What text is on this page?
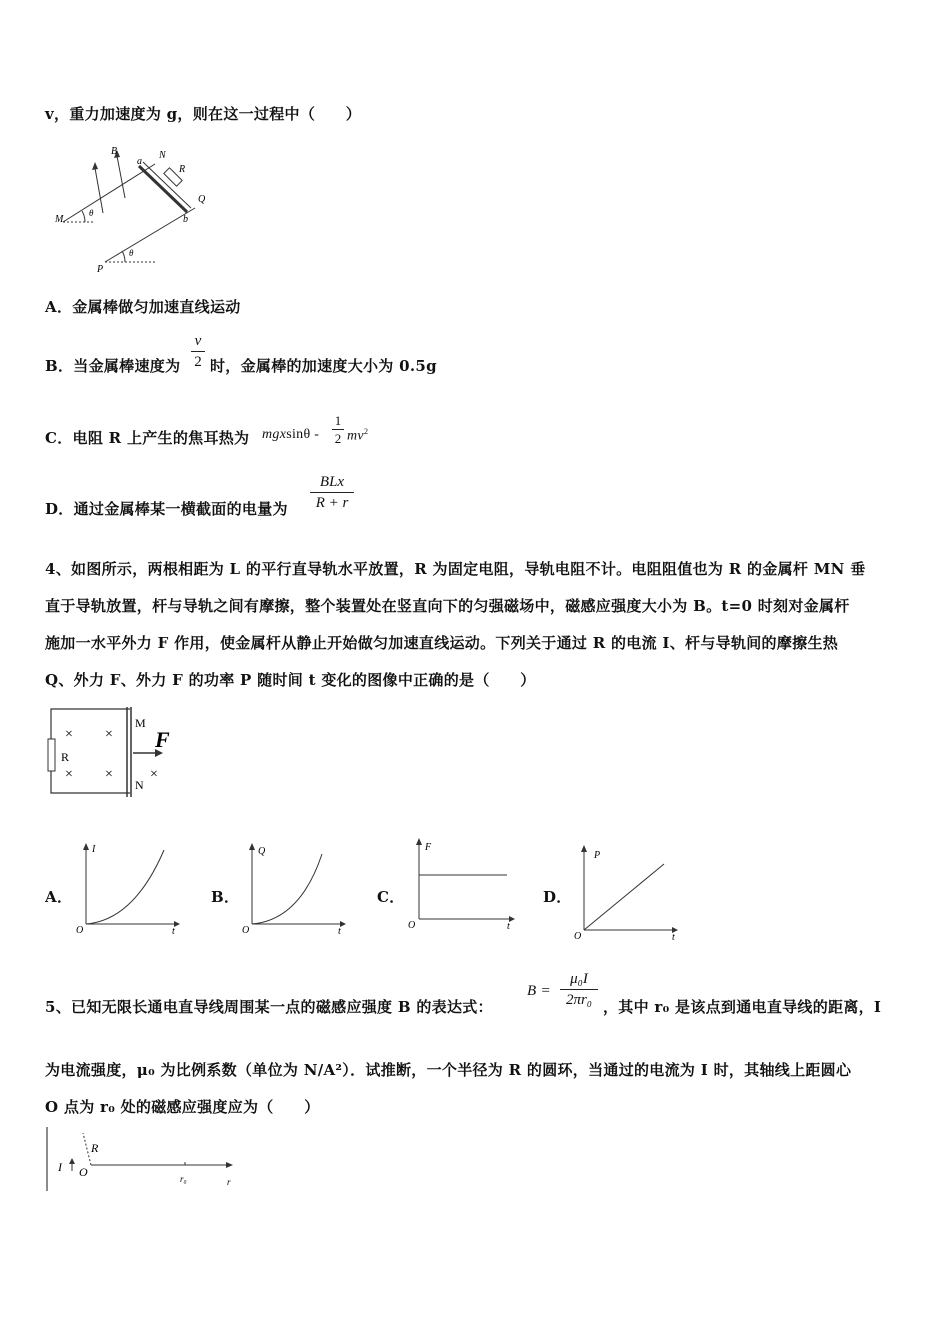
v，重力加速度为 g，则在这一过程中（　　）
B
a
N
R
Q
b
M
θ
P
θ
A．金属棒做匀加速直线运动
B．当金属棒速度为
v
2 时，金属棒的加速度大小为 0.5g
C．电阻 R 上产生的焦耳热为 mgxsinθ -
1
2 $mv^2$
D．通过金属棒某一横截面的电量为
BLx
R + r
4、如图所示，两根相距为 L 的平行直导轨水平放置，R 为固定电阻，导轨电阻不计。电阻阻值也为 R 的金属杆 MN 垂
直于导轨放置，杆与导轨之间有摩擦，整个装置处在竖直向下的匀强磁场中，磁感应强度大小为 B。t=0 时刻对金属杆
施加一水平外力 F 作用，使金属杆从静止开始做匀加速直线运动。下列关于通过 R 的电流 I、杆与导轨间的摩擦生热
Q、外力 F、外力 F 的功率 P 随时间 t 变化的图像中正确的是（　　）
R
M
N
F
× ×
× ×	×
A．
I
t
O
B．
Q
t
O
C．
F
t
O
D．
P
t
O
5、已知无限长通电直导线周围某一点的磁感应强度 B 的表达式：
B =
μ₀I
2πr₀ ，其中 r₀ 是该点到通电直导线的距离，I
为电流强度，μ₀ 为比例系数（单位为 N/A²）．试推断，一个半径为 R 的圆环，当通过的电流为 I 时，其轴线上距圆心
O 点为 r₀ 处的磁感应强度应为（　　）
I O
R
r₀	r
